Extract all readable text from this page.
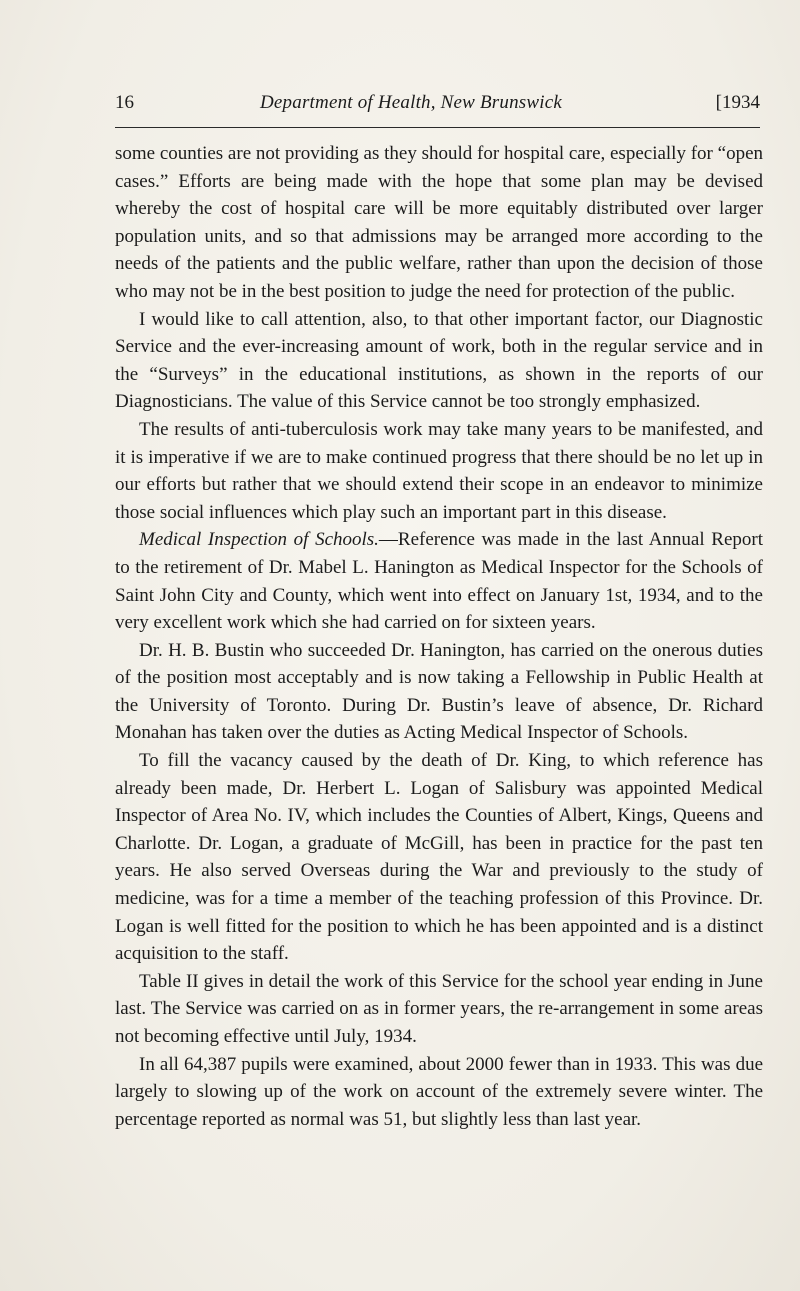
16	Department of Health, New Brunswick	[1934

some counties are not providing as they should for hospital care, especially for “open cases.” Efforts are being made with the hope that some plan may be devised whereby the cost of hospital care will be more equitably distributed over larger population units, and so that admissions may be arranged more according to the needs of the patients and the public welfare, rather than upon the decision of those who may not be in the best position to judge the need for protection of the public.

I would like to call attention, also, to that other important factor, our Diagnostic Service and the ever-increasing amount of work, both in the regular service and in the “Surveys” in the educational institutions, as shown in the reports of our Diagnosticians. The value of this Service cannot be too strongly emphasized.

The results of anti-tuberculosis work may take many years to be manifested, and it is imperative if we are to make continued progress that there should be no let up in our efforts but rather that we should extend their scope in an endeavor to minimize those social influences which play such an important part in this disease.

Medical Inspection of Schools.—Reference was made in the last Annual Report to the retirement of Dr. Mabel L. Hanington as Medical Inspector for the Schools of Saint John City and County, which went into effect on January 1st, 1934, and to the very excellent work which she had carried on for sixteen years.

Dr. H. B. Bustin who succeeded Dr. Hanington, has carried on the onerous duties of the position most acceptably and is now taking a Fellowship in Public Health at the University of Toronto. During Dr. Bustin’s leave of absence, Dr. Richard Monahan has taken over the duties as Acting Medical Inspector of Schools.

To fill the vacancy caused by the death of Dr. King, to which reference has already been made, Dr. Herbert L. Logan of Salisbury was appointed Medical Inspector of Area No. IV, which includes the Counties of Albert, Kings, Queens and Charlotte. Dr. Logan, a graduate of McGill, has been in practice for the past ten years. He also served Overseas during the War and previously to the study of medicine, was for a time a member of the teaching profession of this Province. Dr. Logan is well fitted for the position to which he has been appointed and is a distinct acquisition to the staff.

Table II gives in detail the work of this Service for the school year ending in June last. The Service was carried on as in former years, the re-arrangement in some areas not becoming effective until July, 1934.

In all 64,387 pupils were examined, about 2000 fewer than in 1933. This was due largely to slowing up of the work on account of the extremely severe winter. The percentage reported as normal was 51, but slightly less than last year.
